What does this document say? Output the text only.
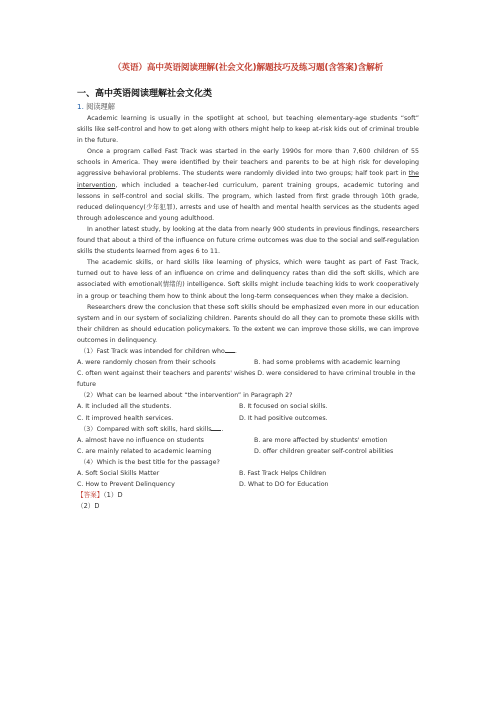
（英语）高中英语阅读理解(社会文化)解题技巧及练习题(含答案)含解析
一、高中英语阅读理解社会文化类
1. 阅读理解

Academic learning is usually in the spotlight at school, but teaching elementary-age students “soft” skills like self-control and how to get along with others might help to keep at-risk kids out of criminal trouble in the future.

Once a program called Fast Track was started in the early 1990s for more than 7,600 children of 55 schools in America. They were identified by their teachers and parents to be at high risk for developing aggressive behavioral problems. The students were randomly divided into two groups; half took part in the intervention, which included a teacher-led curriculum, parent training groups, academic tutoring and lessons in self-control and social skills. The program, which lasted from first grade through 10th grade, reduced delinquency(少年犯罪), arrests and use of health and mental health services as the students aged through adolescence and young adulthood.

In another latest study, by looking at the data from nearly 900 students in previous findings, researchers found that about a third of the influence on future crime outcomes was due to the social and self-regulation skills the students learned from ages 6 to 11.

The academic skills, or hard skills like learning of physics, which were taught as part of Fast Track, turned out to have less of an influence on crime and delinquency rates than did the soft skills, which are associated with emotional(情绪的) intelligence. Soft skills might include teaching kids to work cooperatively in a group or teaching them how to think about the long-term consequences when they make a decision.

Researchers drew the conclusion that these soft skills should be emphasized even more in our education system and in our system of socializing children. Parents should do all they can to promote these skills with their children as should education policymakers. To the extent we can improve those skills, we can improve outcomes in delinquency.

（1）Fast Track was intended for children who .
A. were randomly chosen from their schools	B. had some problems with academic learning
C. often went against their teachers and parents' wishes D. were considered to have criminal trouble in the future
（2）What can be learned about “the intervention” in Paragraph 2?
A. It included all the students.	B. It focused on social skills.
C. It improved health services.	D. It had positive outcomes.
（3）Compared with soft skills, hard skills .
A. almost have no influence on students	B. are more affected by students' emotion
C. are mainly related to academic learning	D. offer children greater self-control abilities
（4）Which is the best title for the passage?
A. Soft Social Skills Matter	B. Fast Track Helps Children
C. How to Prevent Delinquency	D. What to DO for Education
【答案】（1）D
（2）D
